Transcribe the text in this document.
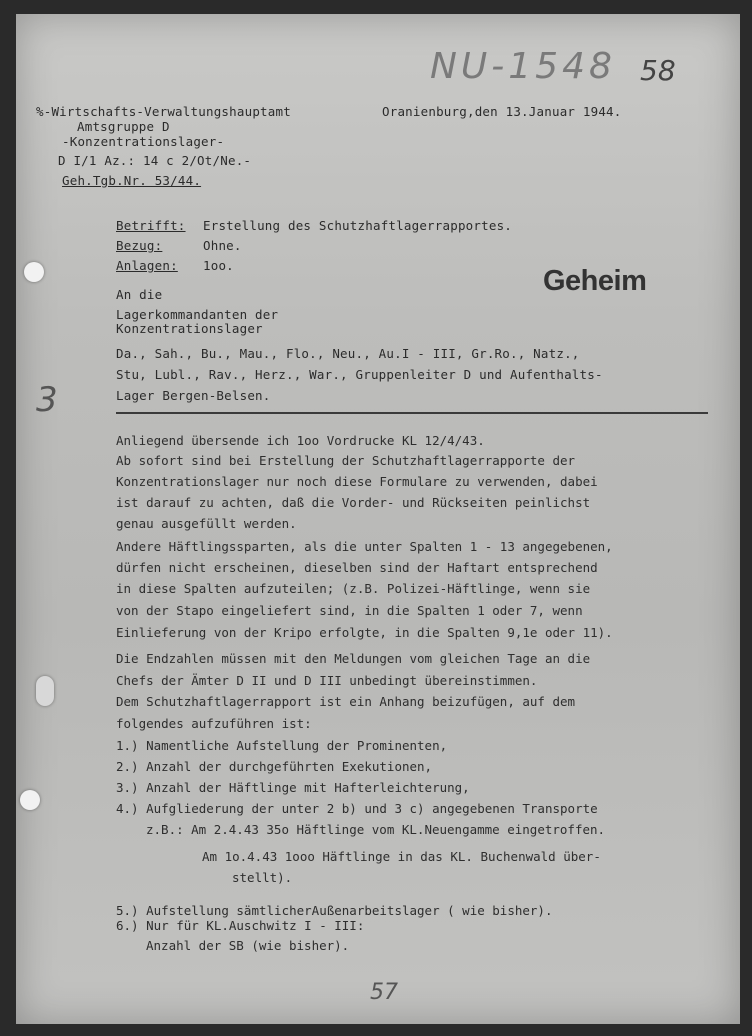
NU-1548 58
3
%-Wirtschafts-Verwaltungshauptamt
Amtsgruppe D
-Konzentrationslager-
D I/1 Az.: 14 c 2/Ot/Ne.-
Geh.Tgb.Nr. 53/44.
Oranienburg,den 13.Januar 1944.
Betrifft: Erstellung des Schutzhaftlagerrapportes.
Bezug:	Ohne.
Anlagen: 1oo.	Geheim
An die
Lagerkommandanten der
Konzentrationslager
Da., Sah., Bu., Mau., Flo., Neu., Au.I - III, Gr.Ro., Natz.,
Stu, Lubl., Rav., Herz., War., Gruppenleiter D und Aufenthalts-
Lager Bergen-Belsen.
Anliegend übersende ich 1oo Vordrucke KL 12/4/43.
Ab sofort sind bei Erstellung der Schutzhaftlagerrapporte der
Konzentrationslager nur noch diese Formulare zu verwenden, dabei
ist darauf zu achten, daß die Vorder- und Rückseiten peinlichst
genau ausgefüllt werden.
Andere Häftlingssparten, als die unter Spalten 1 - 13 angegebenen,
dürfen nicht erscheinen, dieselben sind der Haftart entsprechend
in diese Spalten aufzuteilen; (z.B. Polizei-Häftlinge, wenn sie
von der Stapo eingeliefert sind, in die Spalten 1 oder 7, wenn
Einlieferung von der Kripo erfolgte, in die Spalten 9,1e oder 11).
Die Endzahlen müssen mit den Meldungen vom gleichen Tage an die
Chefs der Ämter D II und D III unbedingt übereinstimmen.
Dem Schutzhaftlagerrapport ist ein Anhang beizufügen, auf dem
folgendes aufzuführen ist:
1.) Namentliche Aufstellung der Prominenten,
2.) Anzahl der durchgeführten Exekutionen,
3.) Anzahl der Häftlinge mit Hafterleichterung,
4.) Aufgliederung der unter 2 b) und 3 c) angegebenen Transporte
z.B.: Am 2.4.43 35o Häftlinge vom KL.Neuengamme eingetroffen.
Am 1o.4.43 1ooo Häftlinge in das KL. Buchenwald über-
stellt).
5.) Aufstellung sämtlicherAußenarbeitslager ( wie bisher).
6.) Nur für KL.Auschwitz I - III:
Anzahl der SB (wie bisher).
57
